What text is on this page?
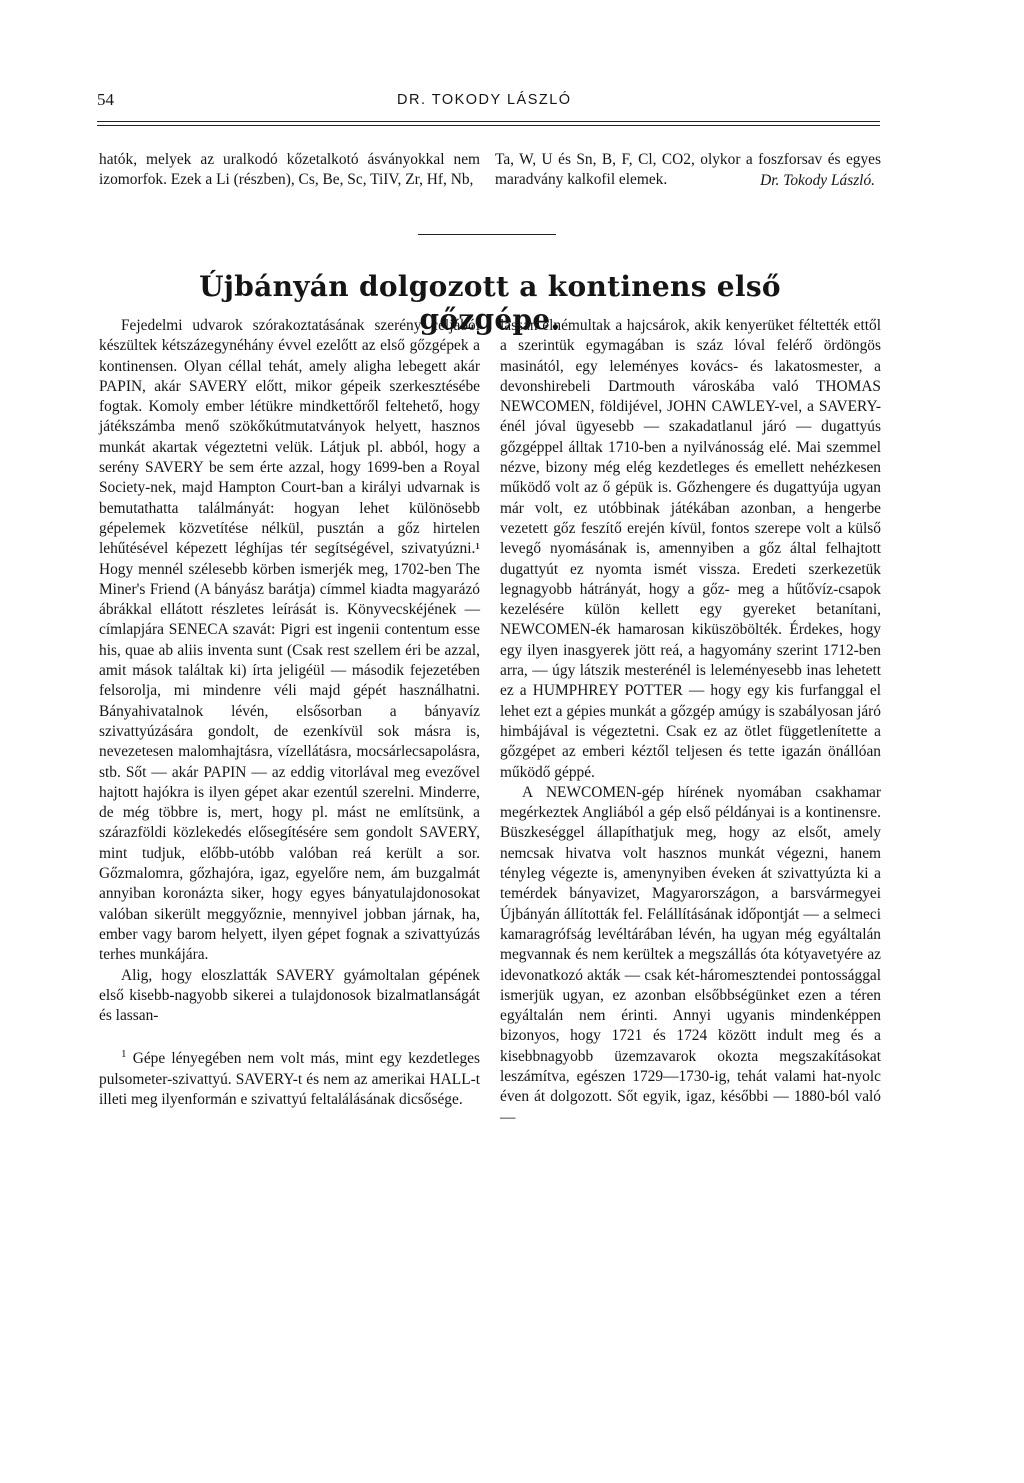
54	DR. TOKODY LÁSZLÓ

hatók, melyek az uralkodó kőzetalkotó ásványokkal nem izomorfok. Ezek a Li (részben), Cs, Be, Sc, TiIV, Zr, Hf, Nb,

Ta, W, U és Sn, B, F, Cl, CO2, olykor a foszforsav és egyes maradvány kalkofil elemek.	Dr. Tokody László.
Újbányán dolgozott a kontinens első gőzgépe.

Fejedelmi udvarok szórakoztatásának szerény céljából készültek kétszázegynéhány évvel ezelőtt az első gőzgépek a kontinensen. Olyan céllal tehát, amely aligha lebegett akár PAPIN, akár SAVERY előtt, mikor gépeik szerkesztésébe fogtak. Komoly ember létükre mindkettőről feltehető, hogy játékszámba menő szökőkútmutatványok helyett, hasznos munkát akartak végeztetni velük. Látjuk pl. abból, hogy a serény SAVERY be sem érte azzal, hogy 1699-ben a Royal Society-nek, majd Hampton Court-ban a királyi udvarnak is bemutathatta találmányát: hogyan lehet különösebb gépelemek közvetítése nélkül, pusztán a gőz hirtelen lehűtésével képezett léghíjas tér segítségével, szivatyúzni.¹ Hogy mennél szélesebb körben ismerjék meg, 1702-ben The Miner's Friend (A bányász barátja) címmel kiadta magyarázó ábrákkal ellátott részletes leírását is. Könyvecskéjének — címlapjára SENECA szavát: Pigri est ingenii contentum esse his, quae ab aliis inventa sunt (Csak rest szellem éri be azzal, amit mások találtak ki) írta jeligéül — második fejezetében felsorolja, mi mindenre véli majd gépét használhatni. Bányahivatalnok lévén, elsősorban a bányavíz szivattyúzására gondolt, de ezenkívül sok másra is, nevezetesen malomhajtásra, vízellátásra, mocsárlecsapolásra, stb. Sőt — akár PAPIN — az eddig vitorlával meg evezővel hajtott hajókra is ilyen gépet akar ezentúl szerelni. Minderre, de még többre is, mert, hogy pl. mást ne említsünk, a szárazföldi közlekedés elősegítésére sem gondolt SAVERY, mint tudjuk, előbb-utóbb valóban reá került a sor. Gőzmalomra, gőzhajóra, igaz, egyelőre nem, ám buzgalmát annyiban koronázta siker, hogy egyes bányatulajdonosokat valóban sikerült meggyőznie, mennyivel jobban járnak, ha, ember vagy barom helyett, ilyen gépet fognak a szivattyúzás terhes munkájára.

Alig, hogy eloszlatták SAVERY gyámoltalan gépének első kisebb-nagyobb sikerei a tulajdonosok bizalmatlanságát és lassan-

$^1$ Gépe lényegében nem volt más, mint egy kezdetleges pulsometer-szivattyú. SAVERY-t és nem az amerikai HALL-t illeti meg ilyenformán e szivattyú feltalálásának dicsősége.

lassan elnémultak a hajcsárok, akik kenyerüket féltették ettől a szerintük egymagában is száz lóval felérő ördöngös masinától, egy leleményes kovács- és lakatosmester, a devonshirebeli Dartmouth városkába való THOMAS NEWCOMEN, földijével, JOHN CAWLEY-vel, a SAVERY-énél jóval ügyesebb — szakadatlanul járó — dugattyús gőzgéppel álltak 1710-ben a nyilvánosság elé. Mai szemmel nézve, bizony még elég kezdetleges és emellett nehézkesen működő volt az ő gépük is. Gőzhengere és dugattyúja ugyan már volt, ez utóbbinak játékában azonban, a hengerbe vezetett gőz feszítő erején kívül, fontos szerepe volt a külső levegő nyomásának is, amennyiben a gőz által felhajtott dugattyút ez nyomta ismét vissza. Eredeti szerkezetük legnagyobb hátrányát, hogy a gőz- meg a hűtővíz-csapok kezelésére külön kellett egy gyereket betanítani, NEWCOMEN-ék hamarosan kiküszöbölték. Érdekes, hogy egy ilyen inasgyerek jött reá, a hagyomány szerint 1712-ben arra, — úgy látszik mesterénél is leleményesebb inas lehetett ez a HUMPHREY POTTER — hogy egy kis furfanggal el lehet ezt a gépies munkát a gőzgép amúgy is szabályosan járó himbájával is végeztetni. Csak ez az ötlet függetlenítette a gőzgépet az emberi kéztől teljesen és tette igazán önállóan működő géppé.

A NEWCOMEN-gép hírének nyomában csakhamar megérkeztek Angliából a gép első példányai is a kontinensre. Büszkeséggel állapíthatjuk meg, hogy az elsőt, amely nemcsak hivatva volt hasznos munkát végezni, hanem tényleg végezte is, amenynyiben éveken át szivattyúzta ki a temérdek bányavizet, Magyarországon, a barsvármegyei Újbányán állították fel. Felállításának időpontját — a selmeci kamaragrófság levéltárában lévén, ha ugyan még egyáltalán megvannak és nem kerültek a megszállás óta kótyavetyére az idevonatkozó akták — csak két-háromesztendei pontossággal ismerjük ugyan, ez azonban elsőbbségünket ezen a téren egyáltalán nem érinti. Annyi ugyanis mindenképpen bizonyos, hogy 1721 és 1724 között indult meg és a kisebbnagyobb üzemzavarok okozta megszakításokat leszámítva, egészen 1729—1730-ig, tehát valami hat-nyolc éven át dolgozott. Sőt egyik, igaz, későbbi — 1880-ból való —
